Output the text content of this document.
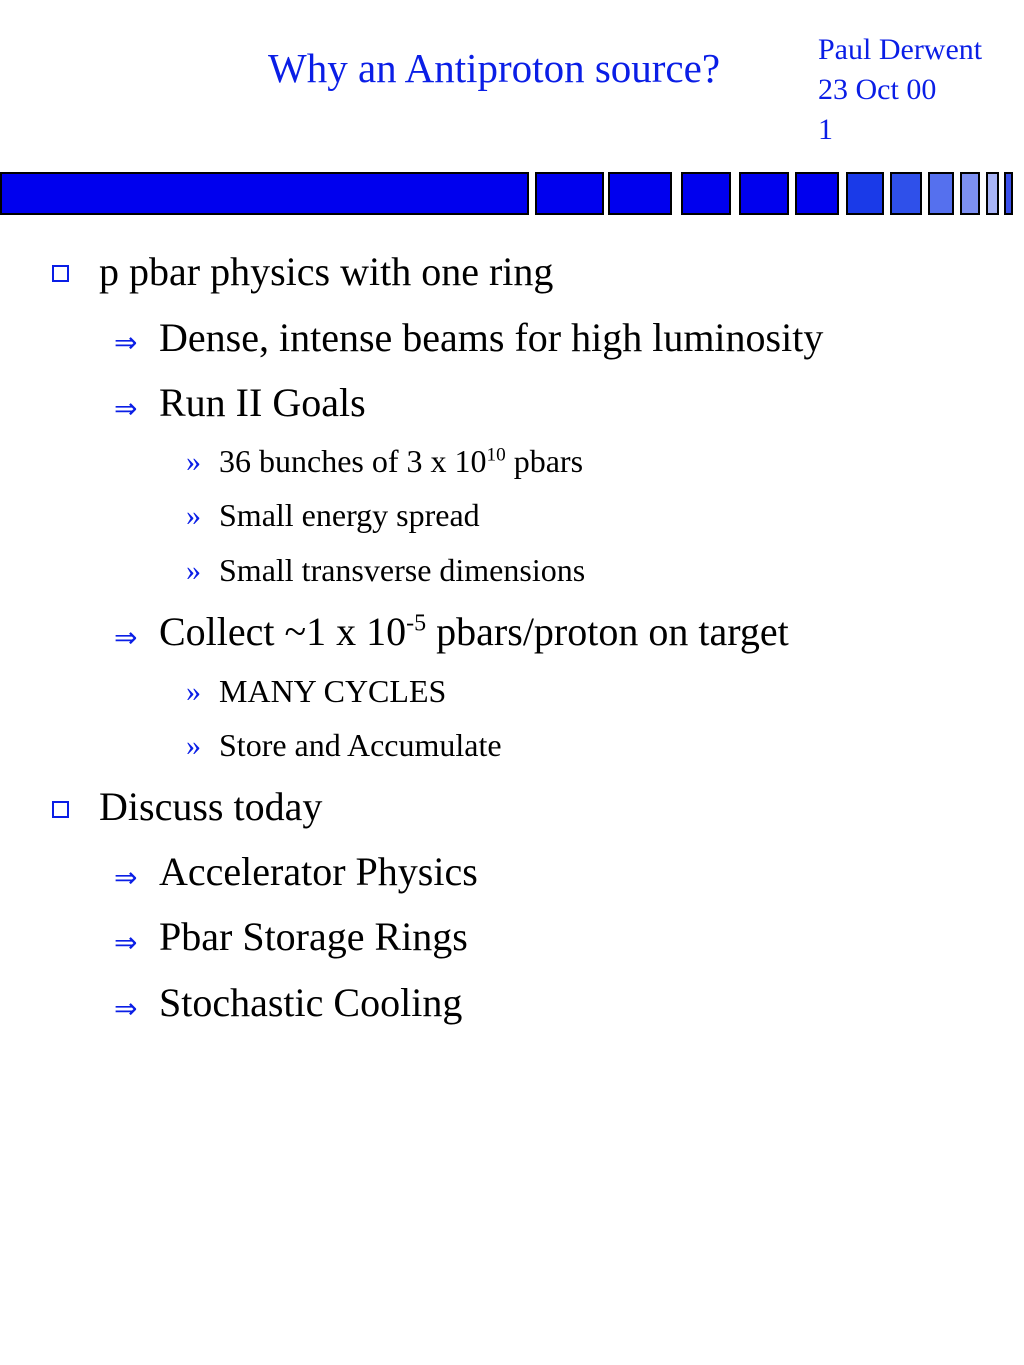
Why an Antiproton source?	Paul Derwent
23 Oct 00
1
p pbar physics with one ring
⇒ Dense, intense beams for high luminosity
⇒ Run II Goals
» 36 bunches of 3 x $10^{10}$ pbars
» Small energy spread
» Small transverse dimensions
⇒ Collect ~1 x $10^{-5}$ pbars/proton on target
» MANY CYCLES
» Store and Accumulate
Discuss today
⇒ Accelerator Physics
⇒ Pbar Storage Rings
⇒ Stochastic Cooling
